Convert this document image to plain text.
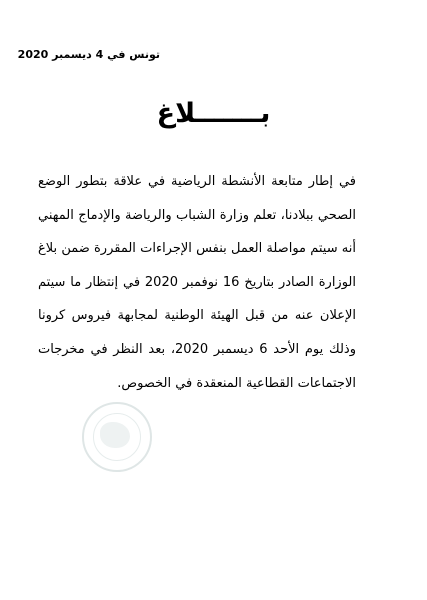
تونس في 4 ديسمبر 2020
بـــــــلاغ
في إطار متابعة الأنشطة الرياضية في علاقة بتطور الوضع الصحي ببلادنا، تعلم وزارة الشباب والرياضة والإدماج المهني أنه سيتم مواصلة العمل بنفس الإجراءات المقررة ضمن بلاغ الوزارة الصادر بتاريخ 16 نوفمبر 2020 في إنتظار ما سيتم الإعلان عنه من قبل الهيئة الوطنية لمجابهة فيروس كرونا وذلك يوم الأحد 6 ديسمبر 2020، بعد النظر في مخرجات الاجتماعات القطاعية المنعقدة في الخصوص.
